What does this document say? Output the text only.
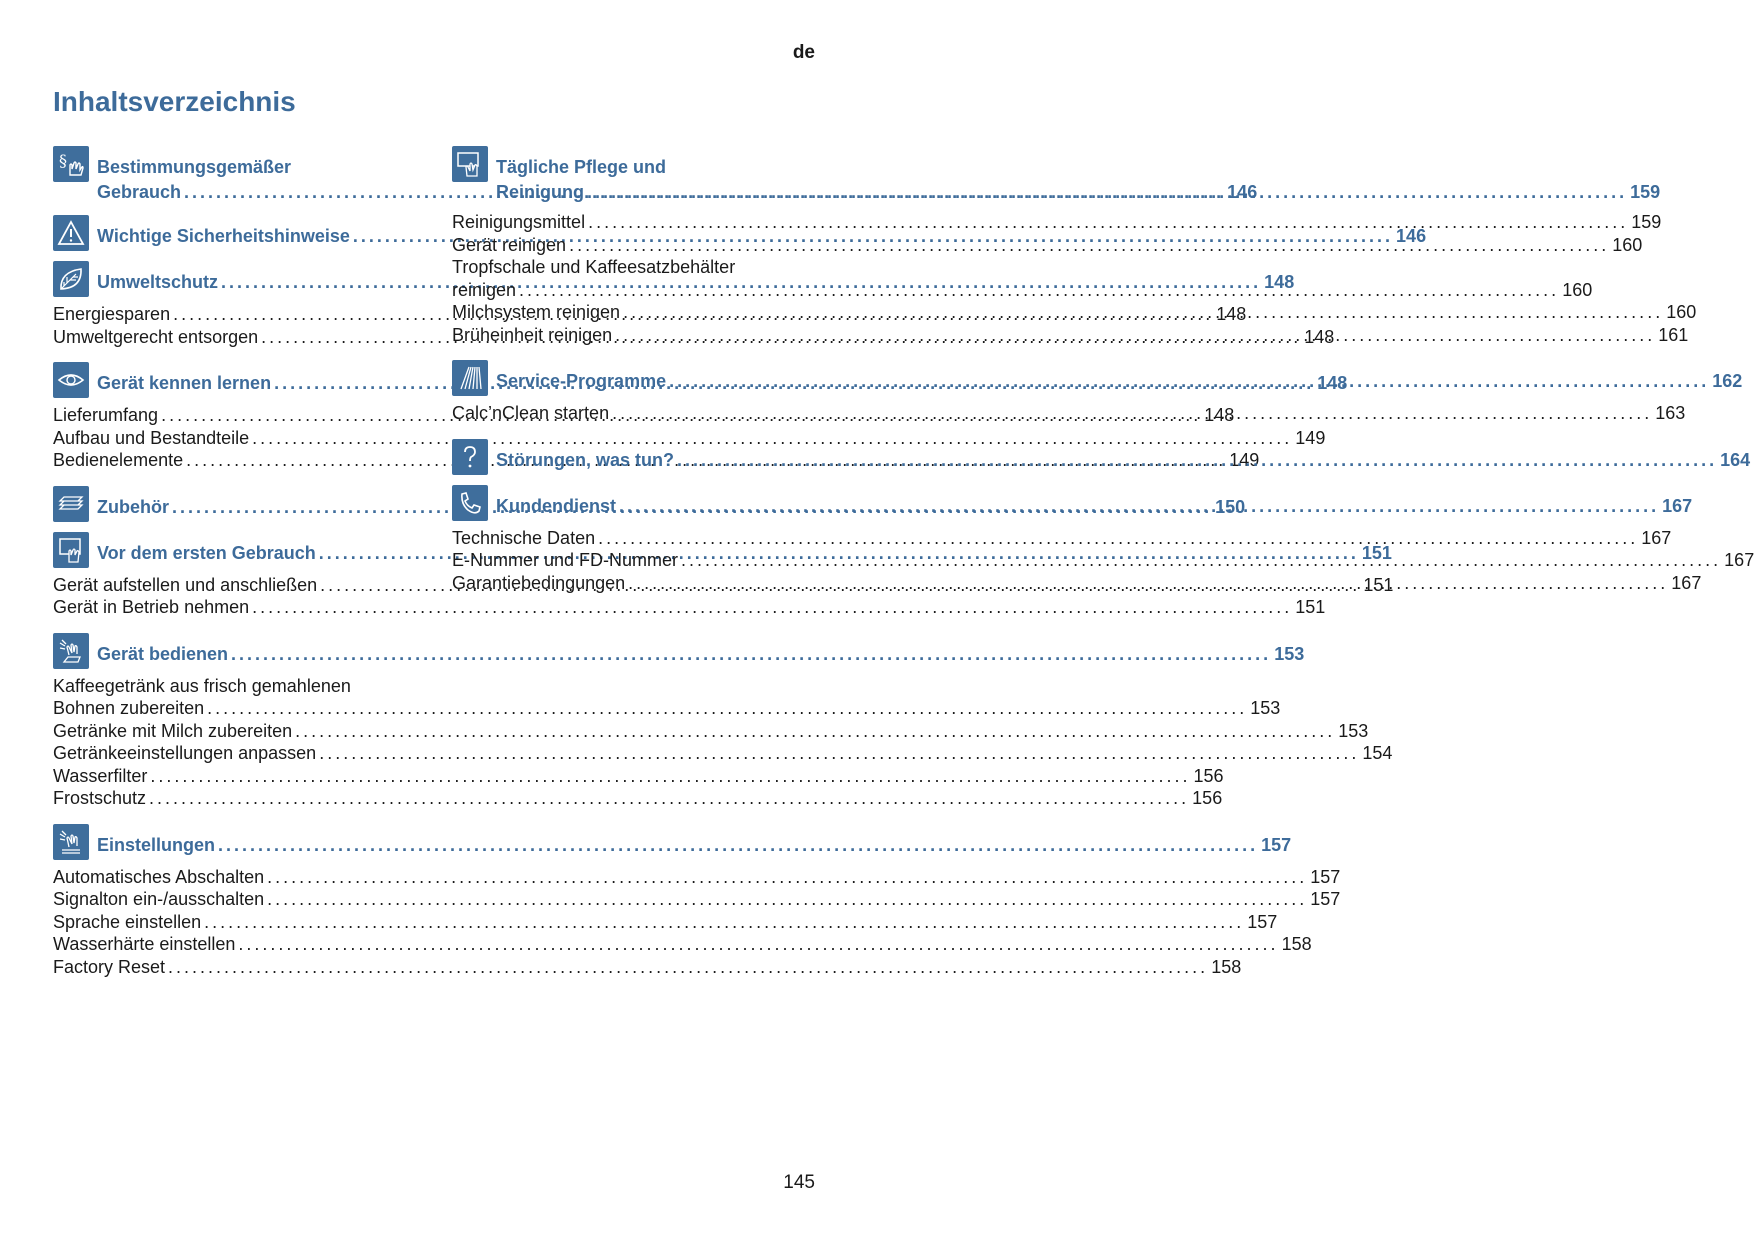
de
Inhaltsverzeichnis
§ Bestimmungsgemäßer
Gebrauch .....	146
Wichtige Sicherheitshinweise .....	146
Umweltschutz .....	148
Energiesparen .....	148
Umweltgerecht entsorgen .....	148
Gerät kennen lernen .....	148
Lieferumfang .....	148
Aufbau und Bestandteile .....	149
Bedienelemente .....	149
Zubehör .....	150
Vor dem ersten Gebrauch .....	151
Gerät aufstellen und anschließen .....	151
Gerät in Betrieb nehmen .....	151
Gerät bedienen .....	153
Kaffeegetränk aus frisch gemahlenen
Bohnen zubereiten .....	153
Getränke mit Milch zubereiten .....	153
Getränkeeinstellungen anpassen .....	154
Wasserfilter .....	156
Frostschutz .....	156
Einstellungen .....	157
Automatisches Abschalten .....	157
Signalton ein-/ausschalten .....	157
Sprache einstellen .....	157
Wasserhärte einstellen .....	158
Factory Reset .....	158
Tägliche Pflege und
Reinigung .....	159
Reinigungsmittel .....	159
Gerät reinigen .....	160
Tropfschale und Kaffeesatzbehälter
reinigen .....	160
Milchsystem reinigen .....	160
Brüheinheit reinigen .....	161
Service-Programme .....	162
Calc’nClean starten .....	163
Störungen, was tun? .....	164
Kundendienst .....	167
Technische Daten .....	167
E-Nummer und FD-Nummer .....	167
Garantiebedingungen .....	167
145
